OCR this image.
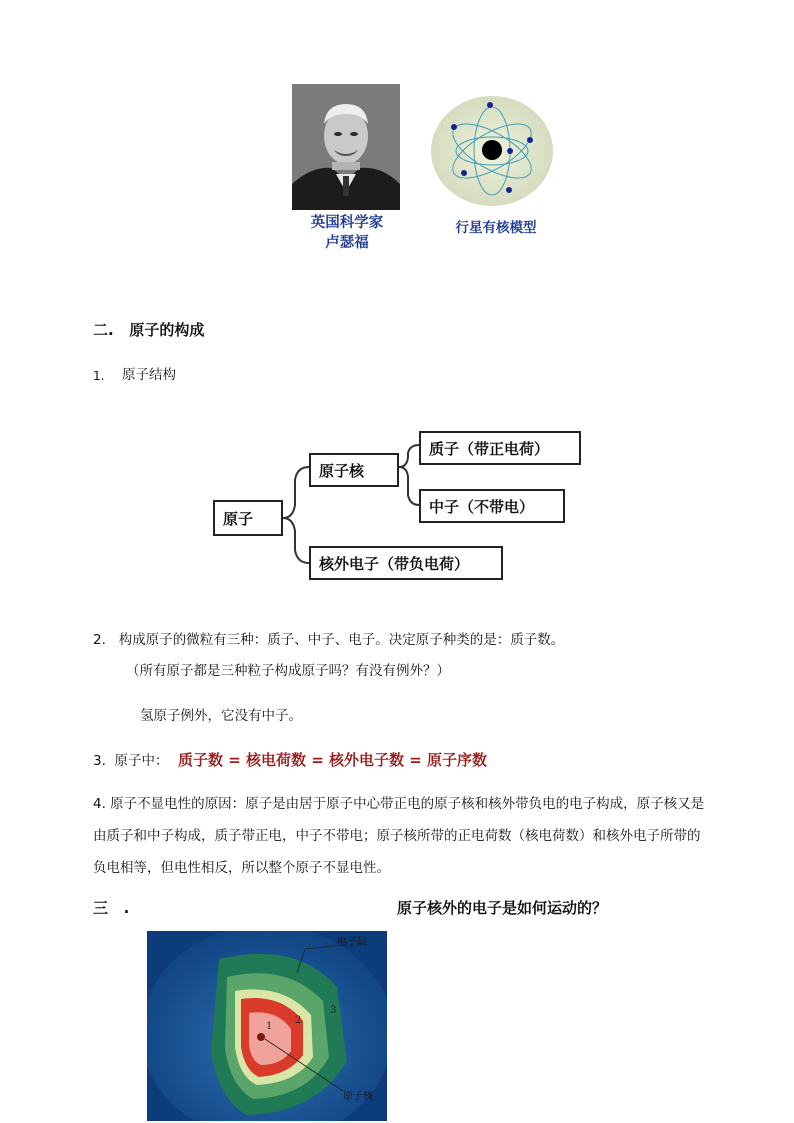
英国科学家
卢瑟福
行星有核模型
二.   原子的构成
1. 原子结构
原子
原子核
质子（带正电荷）
中子（不带电）
核外电子（带负电荷）
2.   构成原子的微粒有三种：质子、中子、电子。决定原子种类的是：质子数。
（所有原子都是三种粒子构成原子吗？有没有例外？）
氢原子例外，它没有中子。
3.  原子中： 质子数 = 核电荷数 = 核外电子数 = 原子序数
4. 原子不显电性的原因：原子是由居于原子中心带正电的原子核和核外带负电的电子构成，原子核又是由质子和中子构成，质子带正电，中子不带电；原子核所带的正电荷数（核电荷数）和核外电子所带的负电相等，但电性相反，所以整个原子不显电性。
三   .	原子核外的电子是如何运动的？
电子层
原子核
1
2
3
